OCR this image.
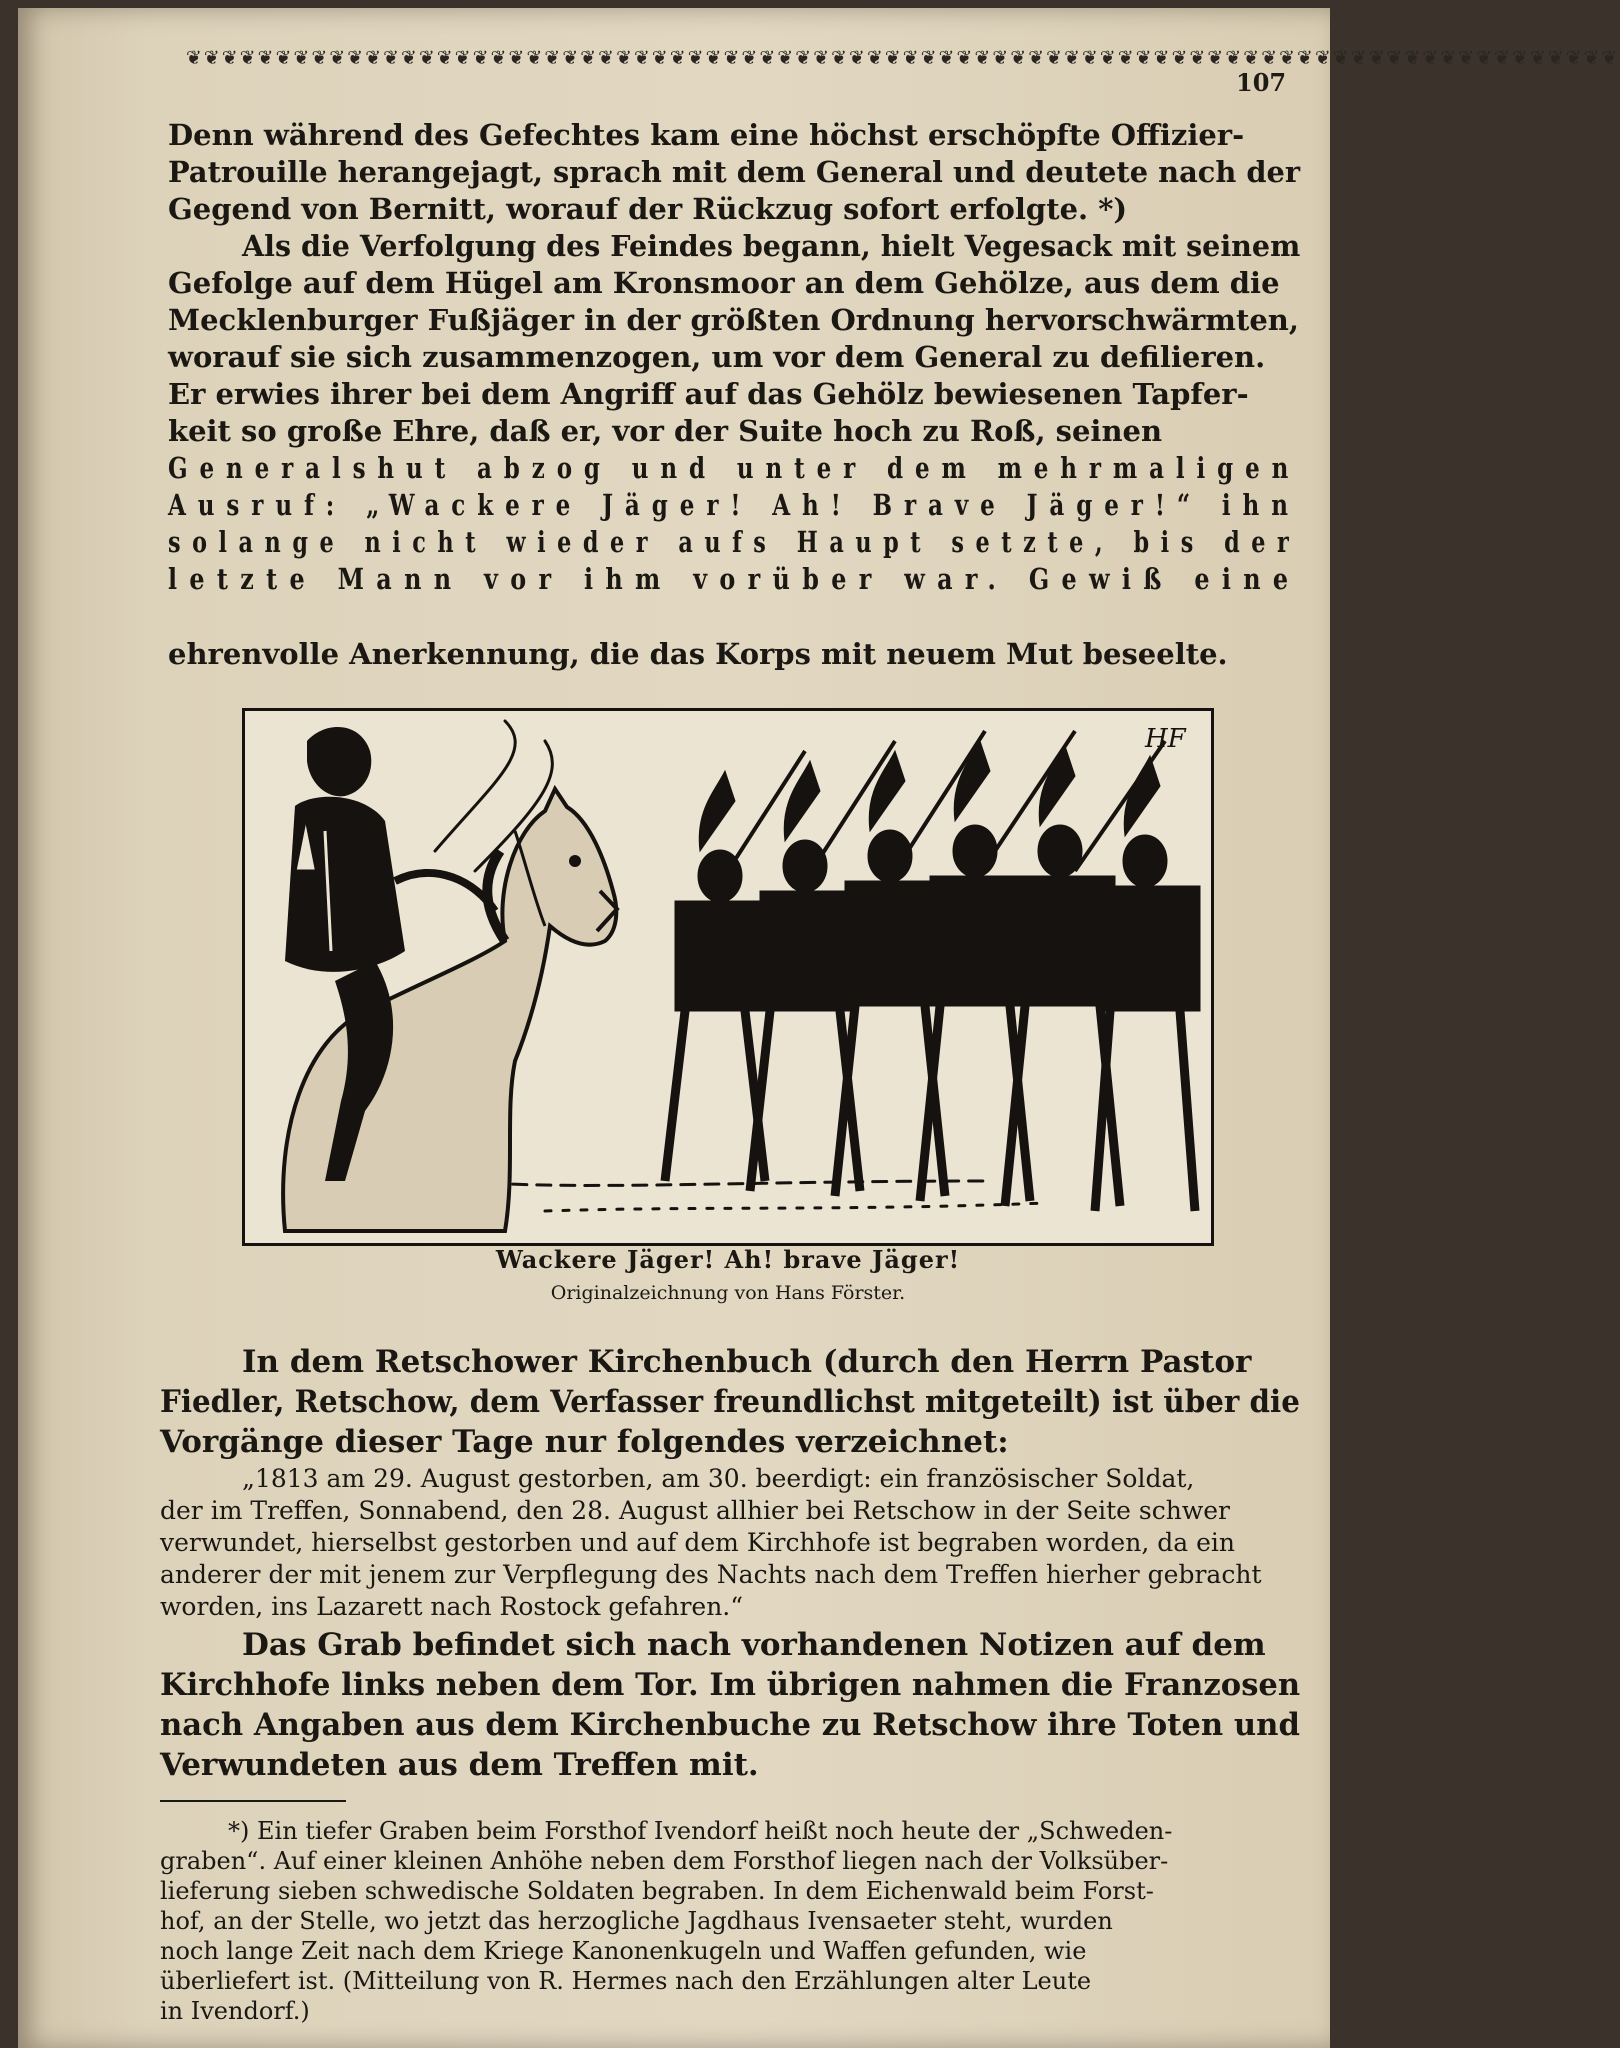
❦❦❦❦❦❦❦❦❦❦❦❦❦❦❦❦❦❦❦❦❦❦❦❦❦❦❦❦❦❦❦❦❦❦❦❦❦❦❦❦❦❦❦❦❦❦❦❦❦❦❦❦❦❦❦❦❦❦❦❦❦❦❦❦❦❦❦❦❦❦❦❦❦❦❦❦❦❦❦❦
107
Denn während des Gefechtes kam eine höchst erschöpfte Offizier-
Patrouille herangejagt, sprach mit dem General und deutete nach der
Gegend von Bernitt, worauf der Rückzug sofort erfolgte. *)
Als die Verfolgung des Feindes begann, hielt Vegesack mit seinem
Gefolge auf dem Hügel am Kronsmoor an dem Gehölze, aus dem die
Mecklenburger Fußjäger in der größten Ordnung hervorschwärmten,
worauf sie sich zusammenzogen, um vor dem General zu defilieren.
Er erwies ihrer bei dem Angriff auf das Gehölz bewiesenen Tapfer-
keit so große Ehre, daß er, vor der Suite hoch zu Roß, seinen
Generalshut abzog und unter dem mehrmaligen
Ausruf: „Wackere Jäger! Ah! Brave Jäger!“ ihn
solange nicht wieder aufs Haupt setzte, bis der
letzte Mann vor ihm vorüber war. Gewiß eine
ehrenvolle Anerkennung, die das Korps mit neuem Mut beseelte.
HF
Wackere Jäger! Ah! brave Jäger!
Originalzeichnung von Hans Förster.
In dem Retschower Kirchenbuch (durch den Herrn Pastor
Fiedler, Retschow, dem Verfasser freundlichst mitgeteilt) ist über die
Vorgänge dieser Tage nur folgendes verzeichnet:
„1813 am 29. August gestorben, am 30. beerdigt: ein französischer Soldat,
der im Treffen, Sonnabend, den 28. August allhier bei Retschow in der Seite schwer
verwundet, hierselbst gestorben und auf dem Kirchhofe ist begraben worden, da ein
anderer der mit jenem zur Verpflegung des Nachts nach dem Treffen hierher gebracht
worden, ins Lazarett nach Rostock gefahren.“
Das Grab befindet sich nach vorhandenen Notizen auf dem
Kirchhofe links neben dem Tor. Im übrigen nahmen die Franzosen
nach Angaben aus dem Kirchenbuche zu Retschow ihre Toten und
Verwundeten aus dem Treffen mit.
*) Ein tiefer Graben beim Forsthof Ivendorf heißt noch heute der „Schweden-
graben“. Auf einer kleinen Anhöhe neben dem Forsthof liegen nach der Volksüber-
lieferung sieben schwedische Soldaten begraben. In dem Eichenwald beim Forst-
hof, an der Stelle, wo jetzt das herzogliche Jagdhaus Ivensaeter steht, wurden
noch lange Zeit nach dem Kriege Kanonenkugeln und Waffen gefunden, wie
überliefert ist. (Mitteilung von R. Hermes nach den Erzählungen alter Leute
in Ivendorf.)
